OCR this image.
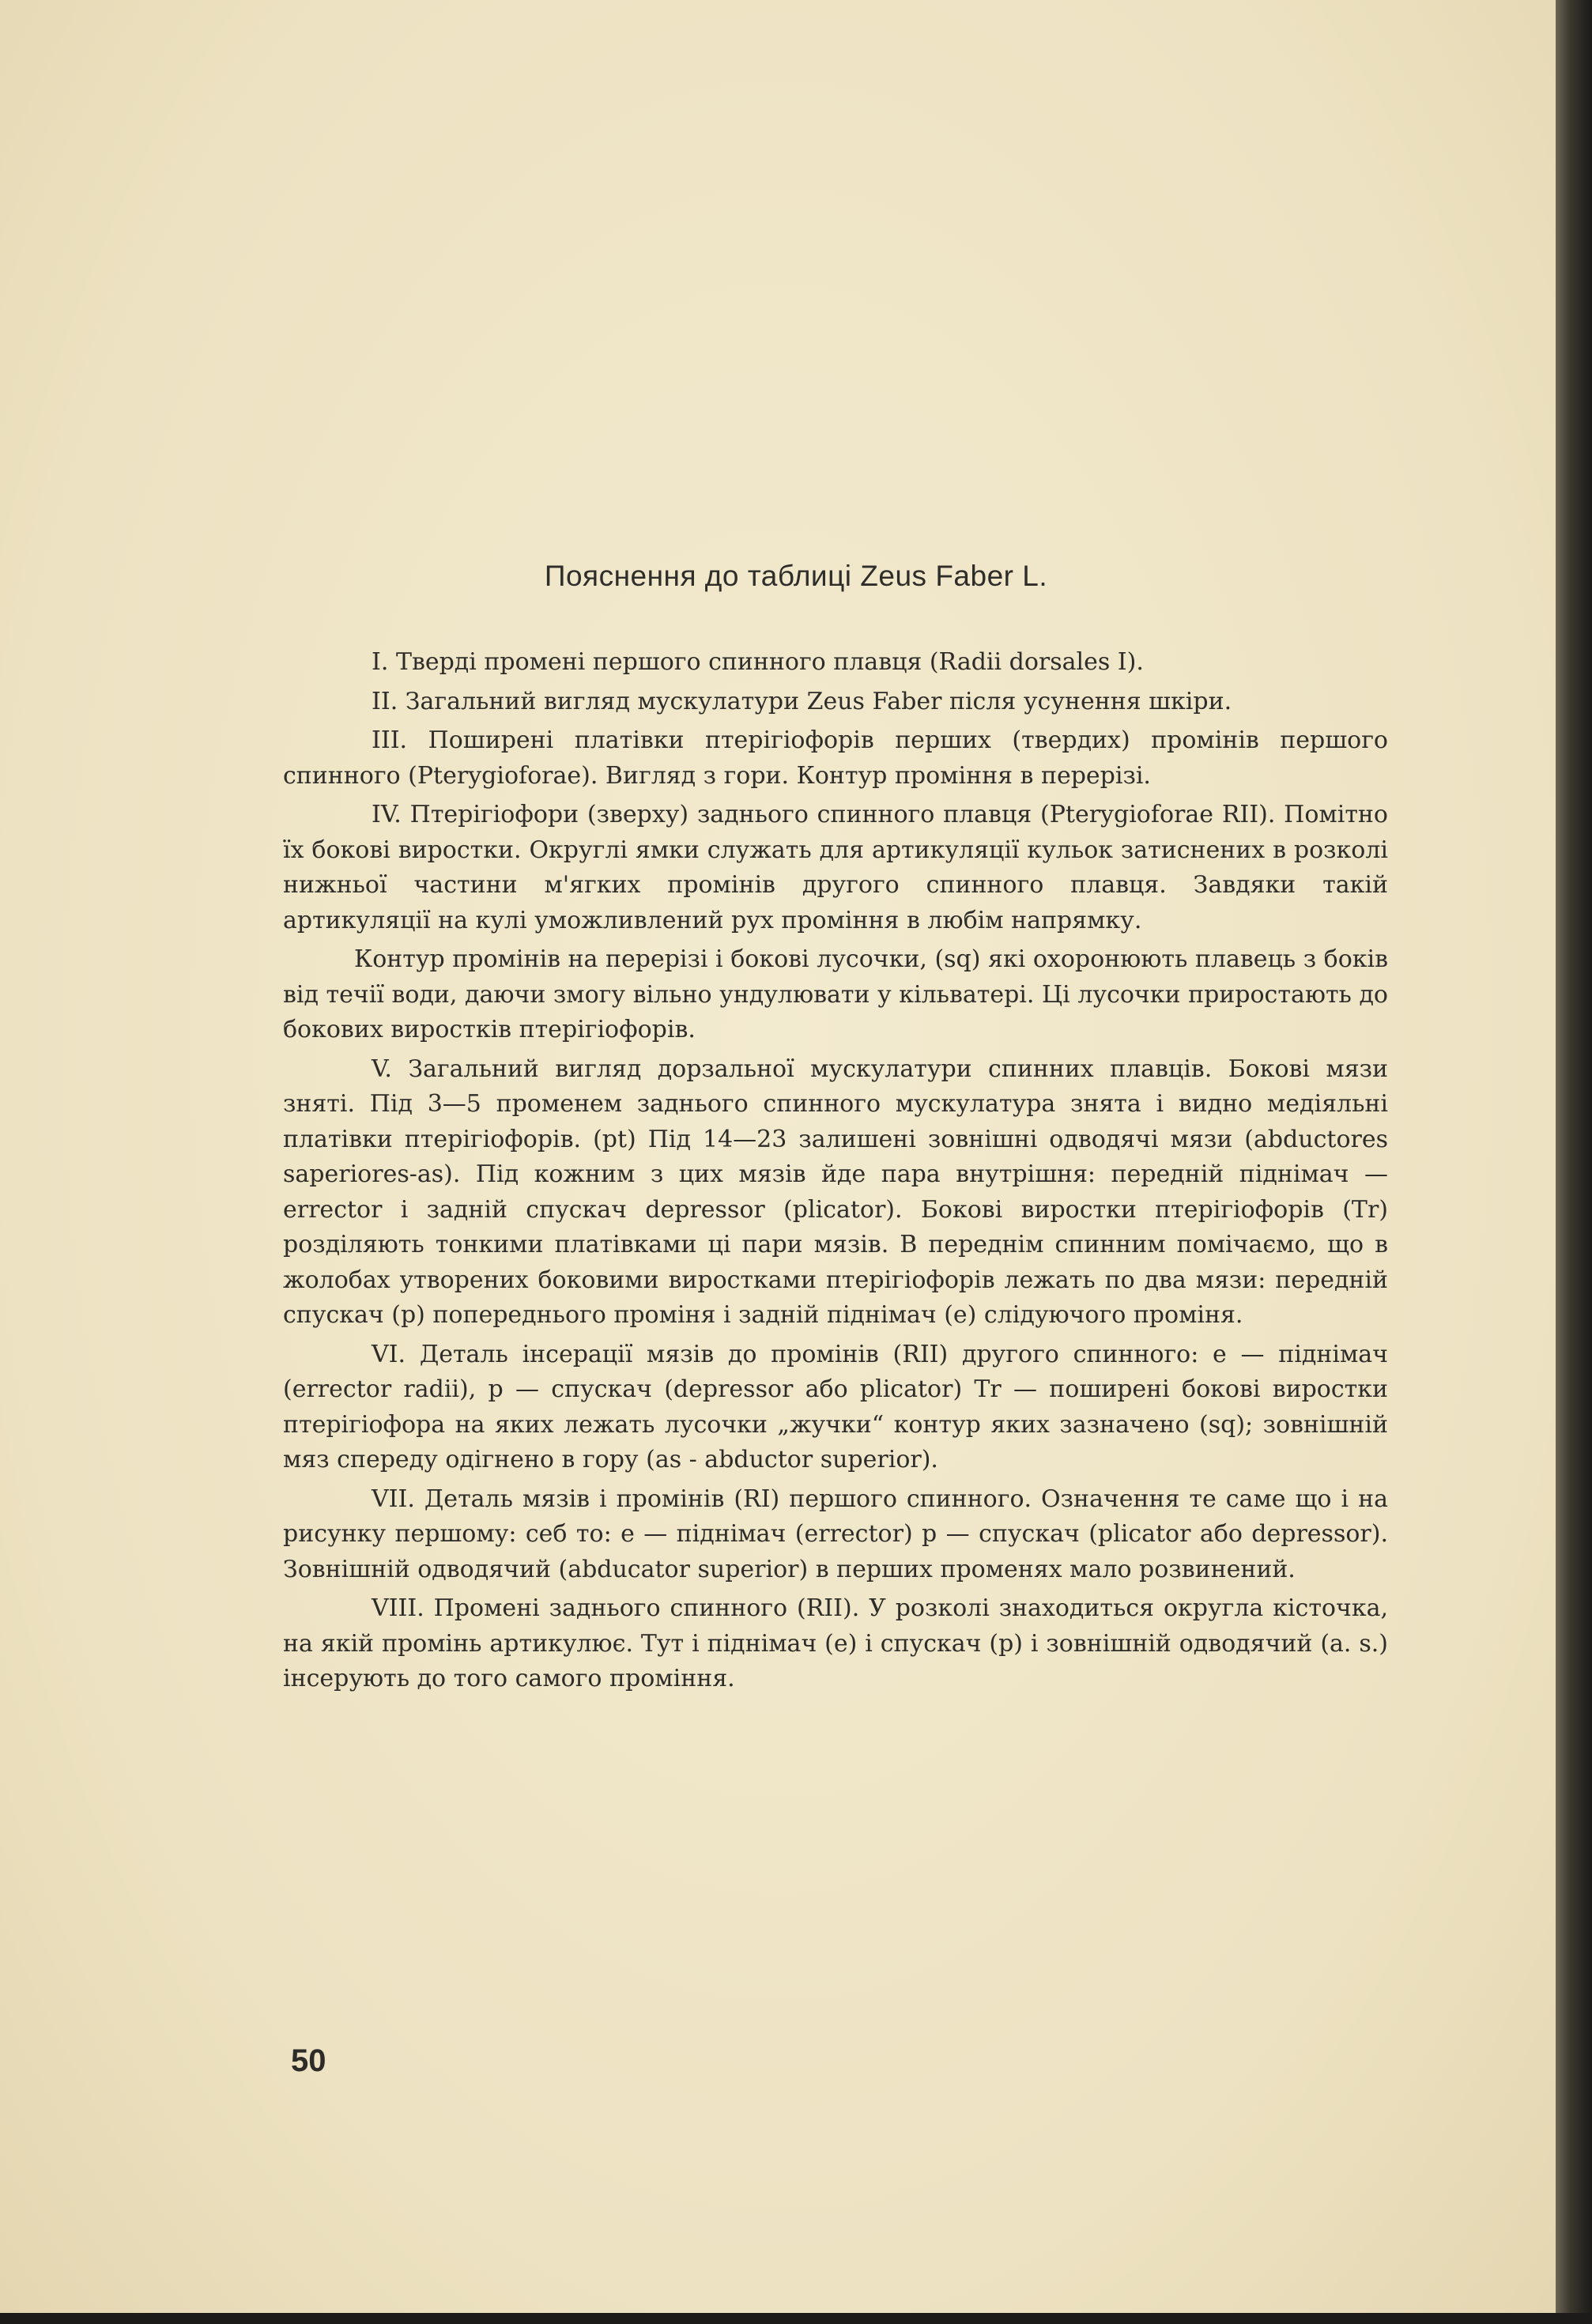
Пояснення до таблиці Zeus Faber L.

I. Тверді промені першого спинного плавця (Radii dorsales I).

II. Загальний вигляд мускулатури Zeus Faber після усунення шкіри.

III. Поширені платівки птерігіофорів перших (твердих) промінів першого спинного (Pterygioforae). Вигляд з гори. Контур проміння в перерізі.

IV. Птерігіофори (зверху) заднього спинного плавця (Pterygioforae RII). Помітно їх бокові виростки. Округлі ямки служать для артикуляції кульок затиснених в розколі нижньої частини м'ягких промінів другого спинного плавця. Завдяки такій артикуляції на кулі уможливлений рух проміння в любім напрямку.

Контур промінів на перерізі і бокові лусочки, (sq) які охоронюють плавець з боків від течії води, даючи змогу вільно ундулювати у кільватері. Ці лусочки приростають до бокових виростків птерігіофорів.

V. Загальний вигляд дорзальної мускулатури спинних плавців. Бокові мязи зняті. Під 3—5 променем заднього спинного мускулатура знята і видно медіяльні платівки птерігіофорів. (pt) Під 14—23 залишені зовнішні одводячі мязи (abductores saperiores-as). Під кожним з цих мязів йде пара внутрішня: передній піднімач — errector і задній спускач depressor (plicator). Бокові виростки птерігіофорів (Tr) розділяють тонкими платівками ці пари мязів. В переднім спинним помічаємо, що в жолобах утворених боковими виростками птерігіофорів лежать по два мязи: передній спускач (p) попереднього проміня і задній піднімач (e) слідуючого проміня.

VI. Деталь інсерації мязів до промінів (RII) другого спинного: e — піднімач (errector radii), p — спускач (depressor або plicator) Tr — поширені бокові виростки птерігіофора на яких лежать лусочки „жучки“ контур яких зазначено (sq); зовнішній мяз спереду одігнено в гору (as - abductor superior).

VII. Деталь мязів і промінів (RI) першого спинного. Означення те саме що і на рисунку першому: себ то: e — піднімач (errector) p — спускач (plicator або depressor). Зовнішній одводячий (abducator superior) в перших променях мало розвинений.

VIII. Промені заднього спинного (RII). У розколі знаходиться округла кісточка, на якій промінь артикулює. Тут і піднімач (e) і спускач (p) і зовнішній одводячий (a. s.) інсерують до того самого проміння.

50
